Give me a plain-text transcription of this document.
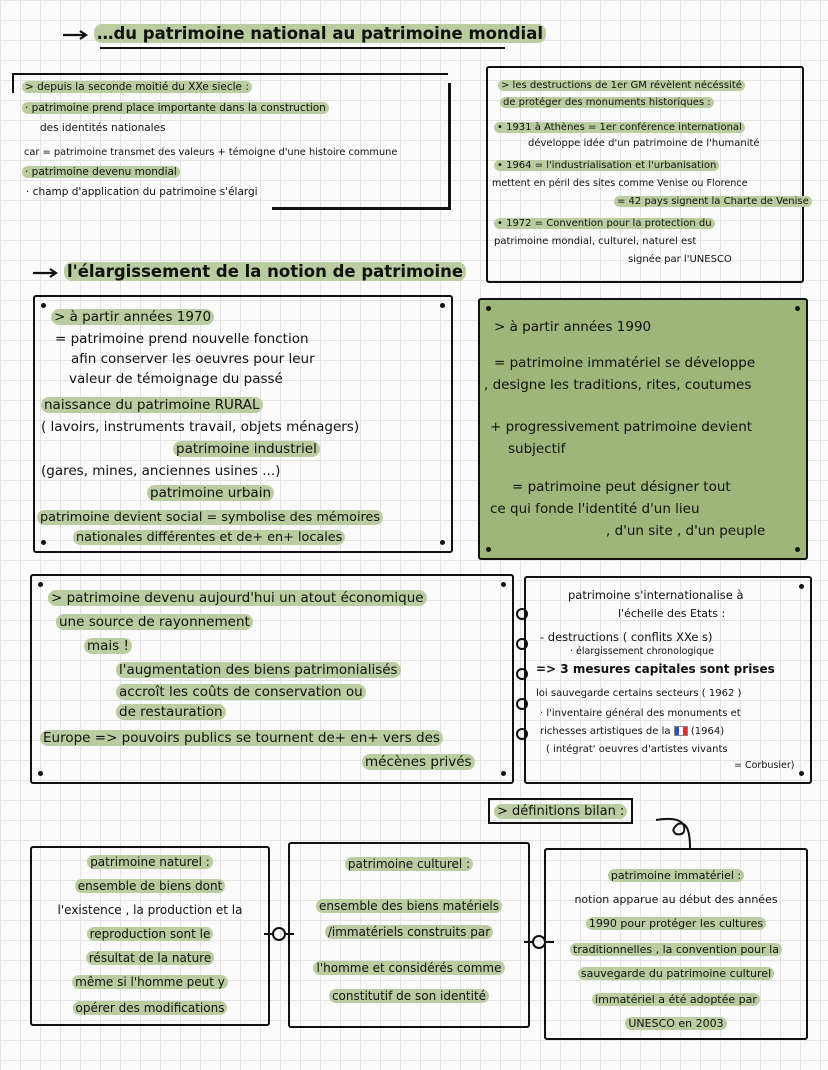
…du patrimoine national au patrimoine mondial
> depuis la seconde moitié du XXe siecle :
· patrimoine prend place importante dans la construction
des identités nationales
car = patrimoine transmet des valeurs + témoigne d'une histoire commune
· patrimoine devenu mondial
· champ d'application du patrimoine s'élargi
> les destructions de 1er GM révèlent nécéssité
de protéger des monuments historiques :
• 1931 à Athènes = 1er conférence international
développe idée d'un patrimoine de l'humanité
• 1964 = l'industrialisation et l'urbanisation
mettent en péril des sites comme Venise ou Florence
= 42 pays signent la Charte de Venise
• 1972 = Convention pour la protection du
patrimoine mondial, culturel, naturel est
signée par l'UNESCO
l'élargissement de la notion de patrimoine
> à partir années 1970
= patrimoine prend nouvelle fonction
afin conserver les oeuvres pour leur
valeur de témoignage du passé
naissance du patrimoine RURAL
( lavoirs, instruments travail, objets ménagers)
patrimoine industriel
(gares, mines, anciennes usines ...)
patrimoine urbain
patrimoine devient social = symbolise des mémoires
nationales différentes et de+ en+ locales
> à partir années 1990
= patrimoine immatériel se développe
, designe les traditions, rites, coutumes
+ progressivement patrimoine devient
subjectif
= patrimoine peut désigner tout
ce qui fonde l'identité d'un lieu
, d'un site , d'un peuple
> patrimoine devenu aujourd'hui un atout économique
une source de rayonnement
mais !
l'augmentation des biens patrimonialisés
accroît les coûts de conservation ou
de restauration
Europe => pouvoirs publics se tournent de+ en+ vers des
mécènes privés
patrimoine s'internationalise à
l'échelle des Etats :
- destructions ( conflits XXe s)
· élargissement chronologique
=> 3 mesures capitales sont prises
loi sauvegarde certains secteurs ( 1962 )
· l'inventaire général des monuments et
richesses artistiques de la (1964)
( intégrat' oeuvres d'artistes vivants
= Corbusier)
> définitions bilan :
patrimoine naturel :
ensemble de biens dont
l'existence , la production et la
reproduction sont le
résultat de la nature
même si l'homme peut y
opérer des modifications
patrimoine culturel :
ensemble des biens matériels
/immatériels construits par
l'homme et considérés comme
constitutif de son identité
patrimoine immatériel :
notion apparue au début des années
1990 pour protéger les cultures
traditionnelles , la convention pour la
sauvegarde du patrimoine culturel
immatériel a été adoptée par
UNESCO en 2003
